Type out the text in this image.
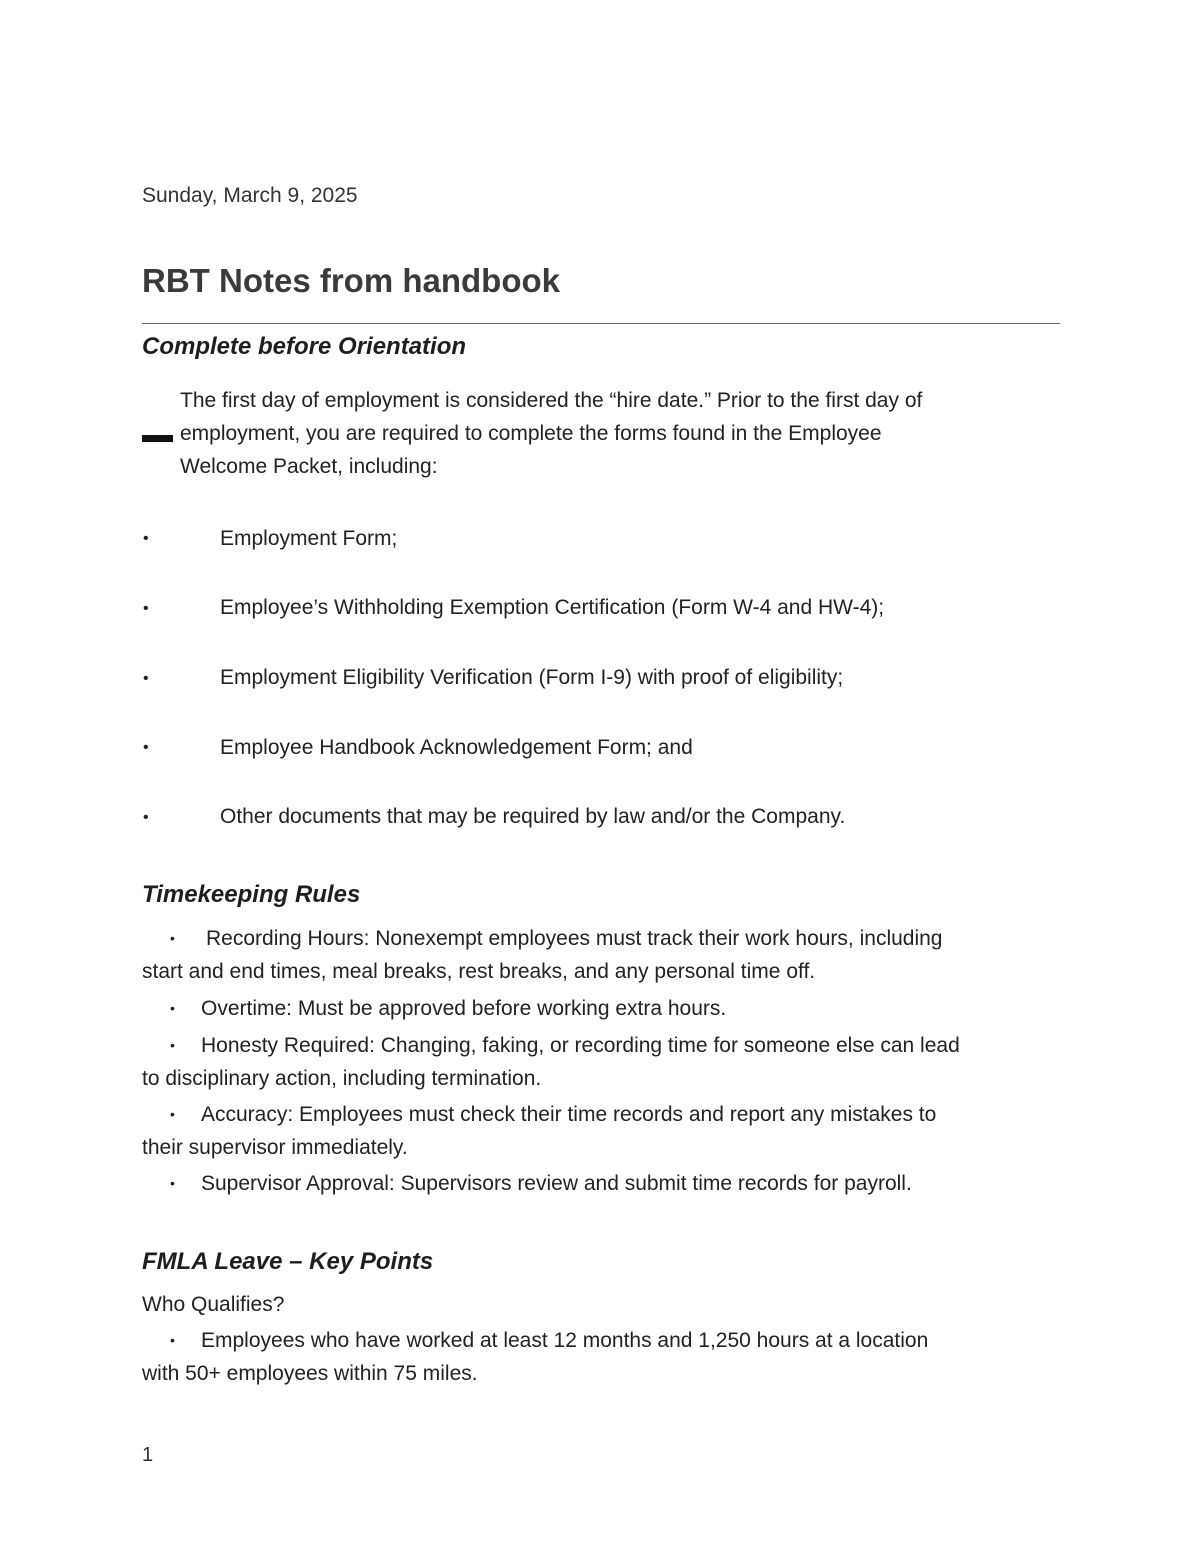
Sunday, March 9, 2025
RBT Notes from handbook
Complete before Orientation
The first day of employment is considered the “hire date.” Prior to the first day of
employment, you are required to complete the forms found in the Employee
Welcome Packet, including:
•	Employment Form;
•	Employee’s Withholding Exemption Certification (Form W-4 and HW-4);
•	Employment Eligibility Verification (Form I-9) with proof of eligibility;
•	Employee Handbook Acknowledgement Form; and
•	Other documents that may be required by law and/or the Company.
Timekeeping Rules
• Recording Hours: Nonexempt employees must track their work hours, including
start and end times, meal breaks, rest breaks, and any personal time off.
• Overtime: Must be approved before working extra hours.
• Honesty Required: Changing, faking, or recording time for someone else can lead
to disciplinary action, including termination.
• Accuracy: Employees must check their time records and report any mistakes to
their supervisor immediately.
• Supervisor Approval: Supervisors review and submit time records for payroll.
FMLA Leave – Key Points
Who Qualifies?
• Employees who have worked at least 12 months and 1,250 hours at a location
with 50+ employees within 75 miles.
1
